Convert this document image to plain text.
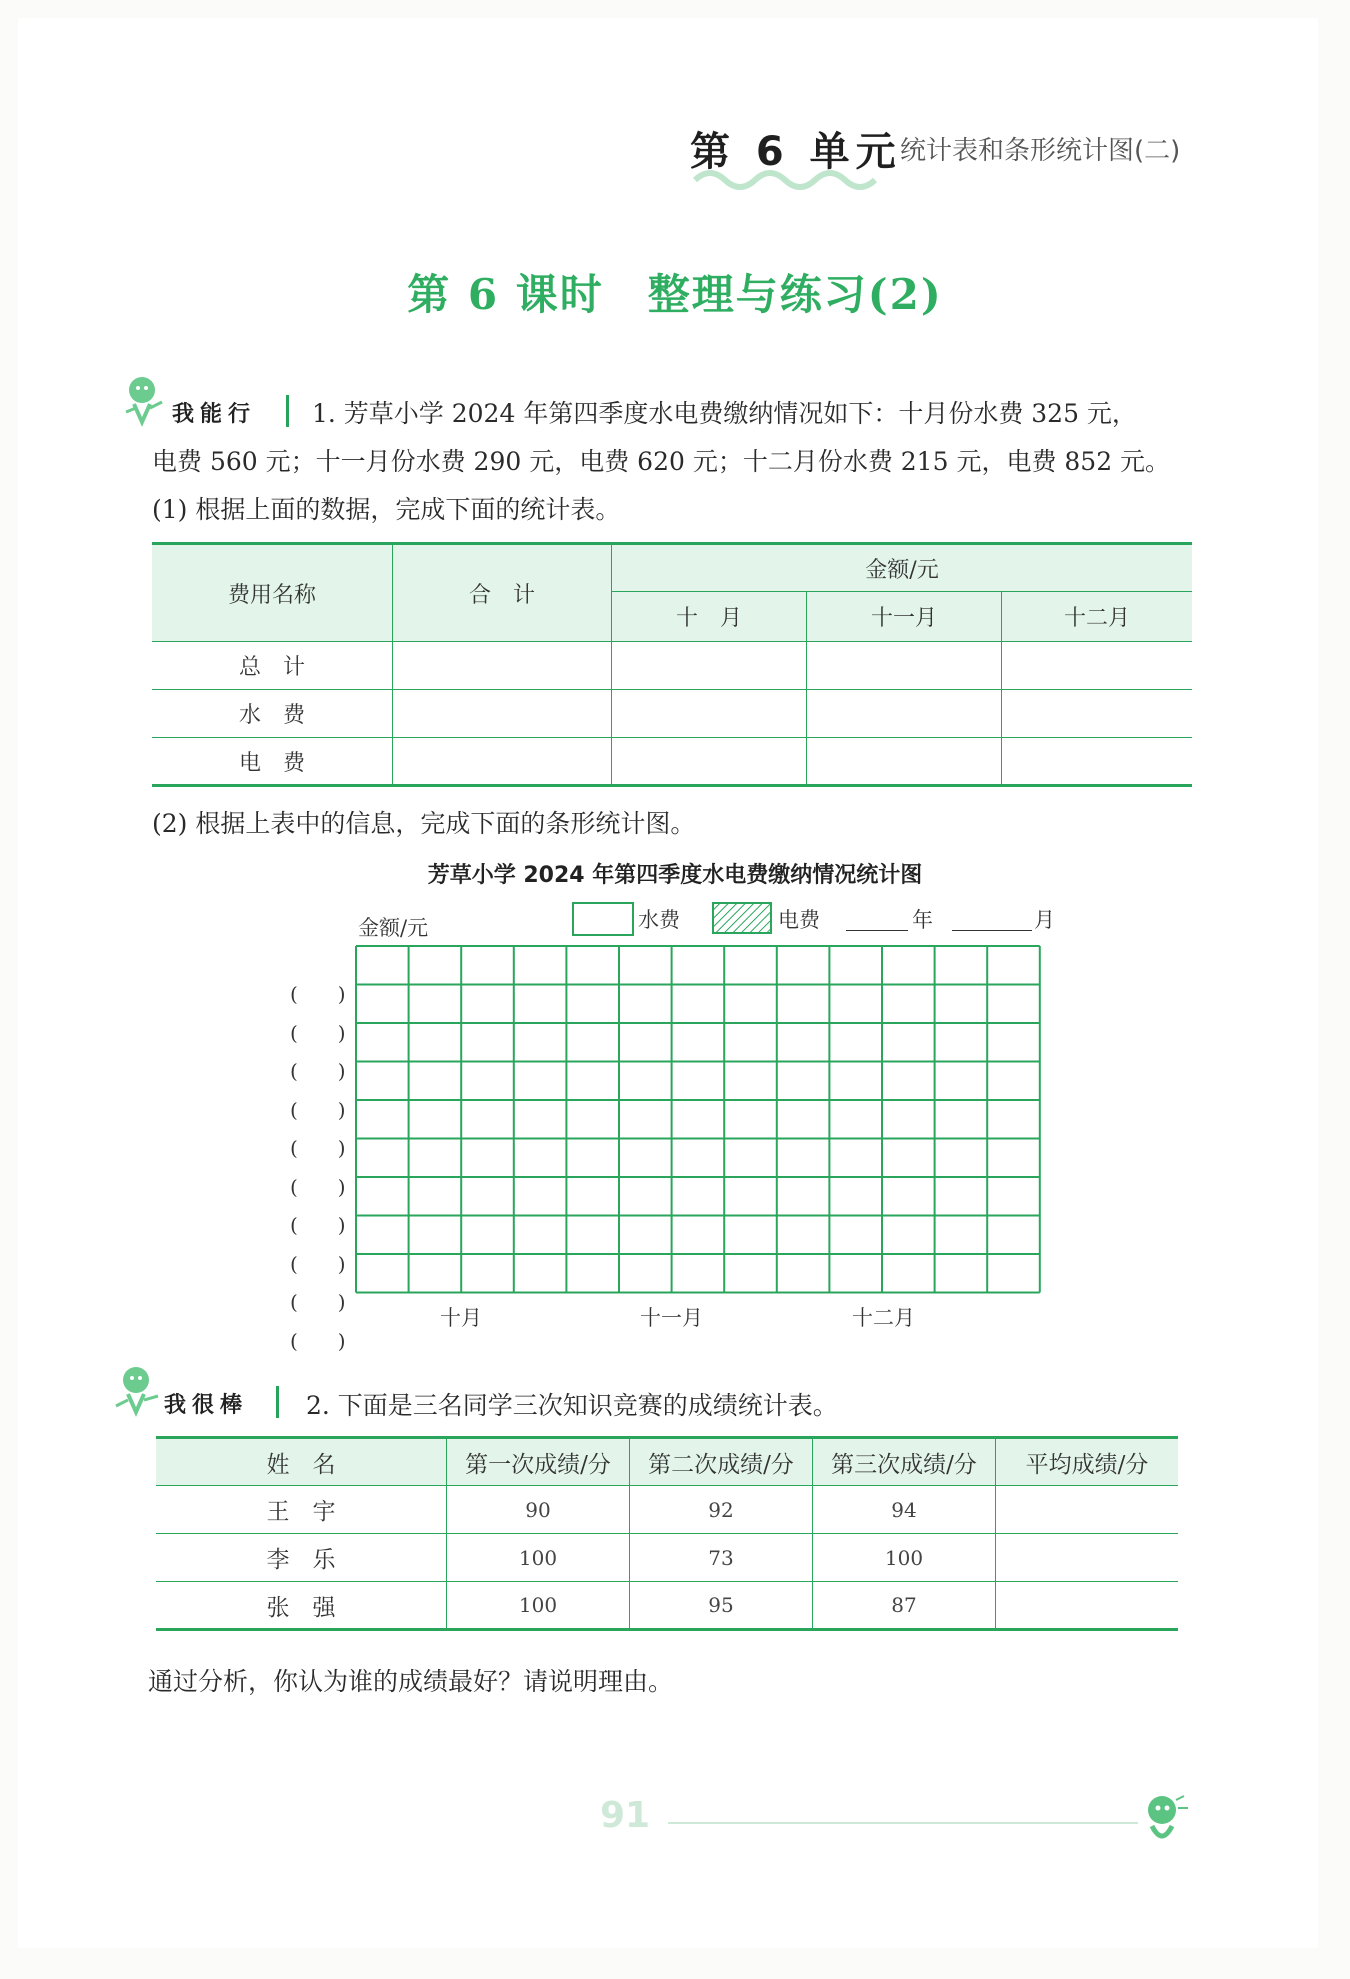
第 6 单元
统计表和条形统计图(二)
第 6 课时　整理与练习(2)
我能行 1. 芳草小学 2024 年第四季度水电费缴纳情况如下：十月份水费 325 元，
电费 560 元；十一月份水费 290 元，电费 620 元；十二月份水费 215 元，电费 852 元。
(1) 根据上面的数据，完成下面的统计表。
费用名称	合　计	金额/元		
		十　月	十一月	十二月
总　计				
水　费				
电　费				
(2) 根据上表中的信息，完成下面的条形统计图。
芳草小学 2024 年第四季度水电费缴纳情况统计图
金额/元	水费	电费	年	月
(　　)
(　　)
(　　)
(　　)
(　　)
(　　)
(　　)
(　　)
(　　)
(　　)
十月	十一月	十二月
我很棒 2. 下面是三名同学三次知识竞赛的成绩统计表。
姓　名	第一次成绩/分	第二次成绩/分	第三次成绩/分	平均成绩/分
王　宇	90	92	94	
李　乐	100	73	100	
张　强	100	95	87	
通过分析，你认为谁的成绩最好？请说明理由。
91
